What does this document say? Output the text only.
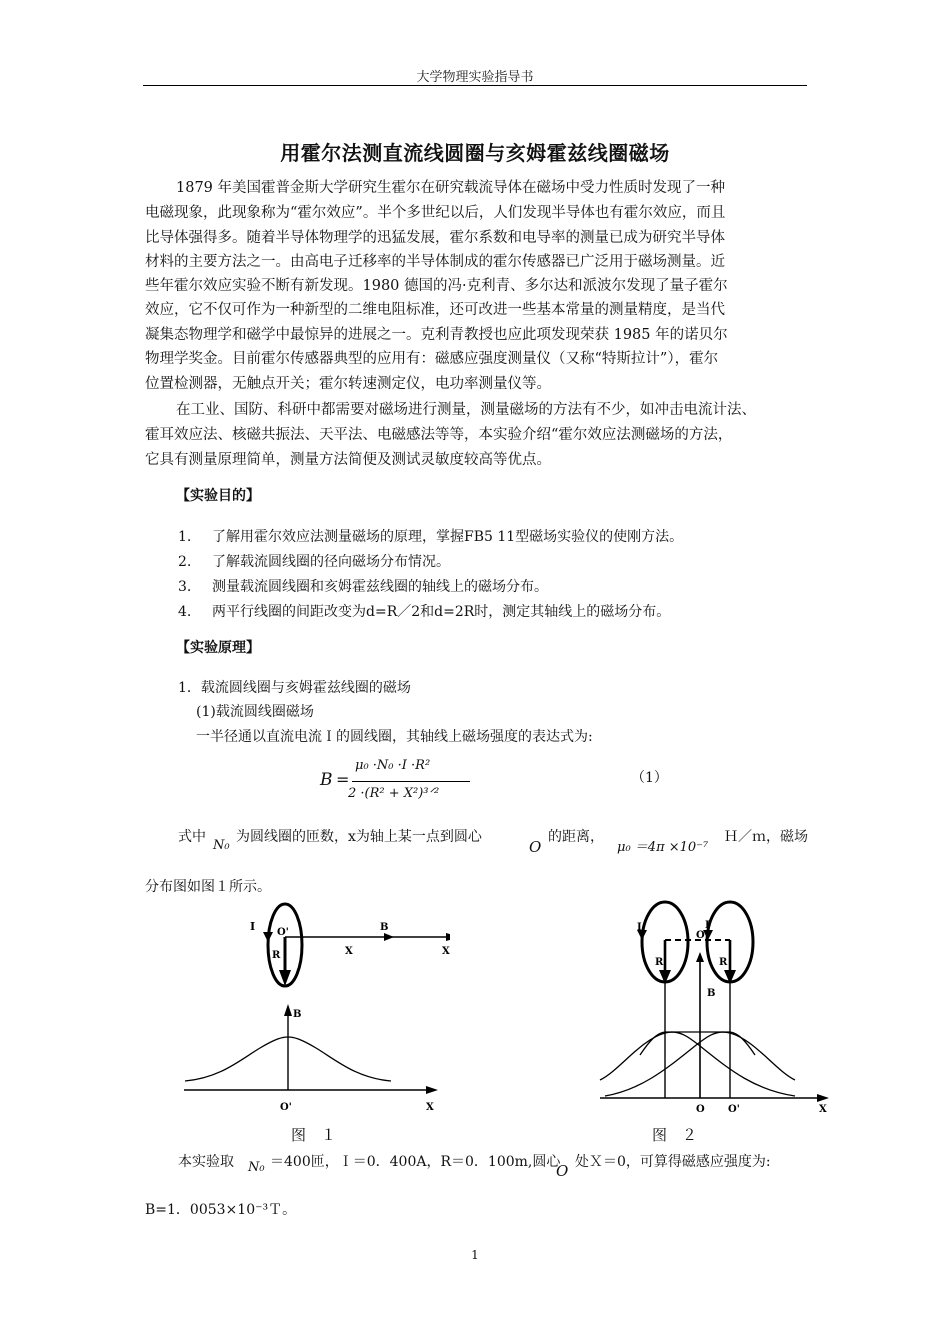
大学物理实验指导书
用霍尔法测直流线圆圈与亥姆霍兹线圈磁场
1879 年美国霍普金斯大学研究生霍尔在研究载流导体在磁场中受力性质时发现了一种
电磁现象，此现象称为“霍尔效应”。半个多世纪以后，人们发现半导体也有霍尔效应，而且
比导体强得多。随着半导体物理学的迅猛发展，霍尔系数和电导率的测量已成为研究半导体
材料的主要方法之一。由高电子迁移率的半导体制成的霍尔传感器已广泛用于磁场测量。近
些年霍尔效应实验不断有新发现。1980 德国的冯·克利青、多尔达和派波尔发现了量子霍尔
效应，它不仅可作为一种新型的二维电阻标准，还可改进一些基本常量的测量精度，是当代
凝集态物理学和磁学中最惊异的进展之一。克利青教授也应此项发现荣获 1985 年的诺贝尔
物理学奖金。目前霍尔传感器典型的应用有：磁感应强度测量仪（又称“特斯拉计”），霍尔
位置检测器，无触点开关；霍尔转速测定仪，电功率测量仪等。
在工业、国防、科研中都需要对磁场进行测量，测量磁场的方法有不少，如冲击电流计法、
霍耳效应法、核磁共振法、天平法、电磁感法等等，本实验介绍“霍尔效应法测磁场的方法，
它具有测量原理简单，测量方法简便及测试灵敏度较高等优点。
【实验目的】
1. 了解用霍尔效应法测量磁场的原理，掌握FB5 11型磁场实验仪的使刚方法。
2. 了解载流圆线圈的径向磁场分布情况。
3. 测量载流圆线圈和亥姆霍兹线圈的轴线上的磁场分布。
4. 两平行线圈的间距改变为d=R／2和d=2R时，测定其轴线上的磁场分布。
【实验原理】
1．载流圆线圈与亥姆霍兹线圈的磁场
(1)载流圆线圈磁场
一半径通以直流电流Ｉ的圆线圈，其轴线上磁场强度的表达式为:
B =
μ₀ ·N₀ ·I ·R²
2 ·(R² + X²)³ᐟ²
（1）
式中
N₀
为圆线圈的匝数，x为轴上某一点到圆心
O
的距离，
μ₀ ＝4π ×10⁻⁷
Ｈ／ｍ，磁场
分布图如图１所示。
I O'
R
B
X	X
B
O'	X
图　１
I	I
O
R	R
B
O O'	X
图　２
本实验取 N₀ ＝400匝，Ｉ＝0．400A，R＝0．100m,圆心
O 处Ｘ＝0，可算得磁感应强度为:
B=1．0053×10⁻³Ｔ。
1
